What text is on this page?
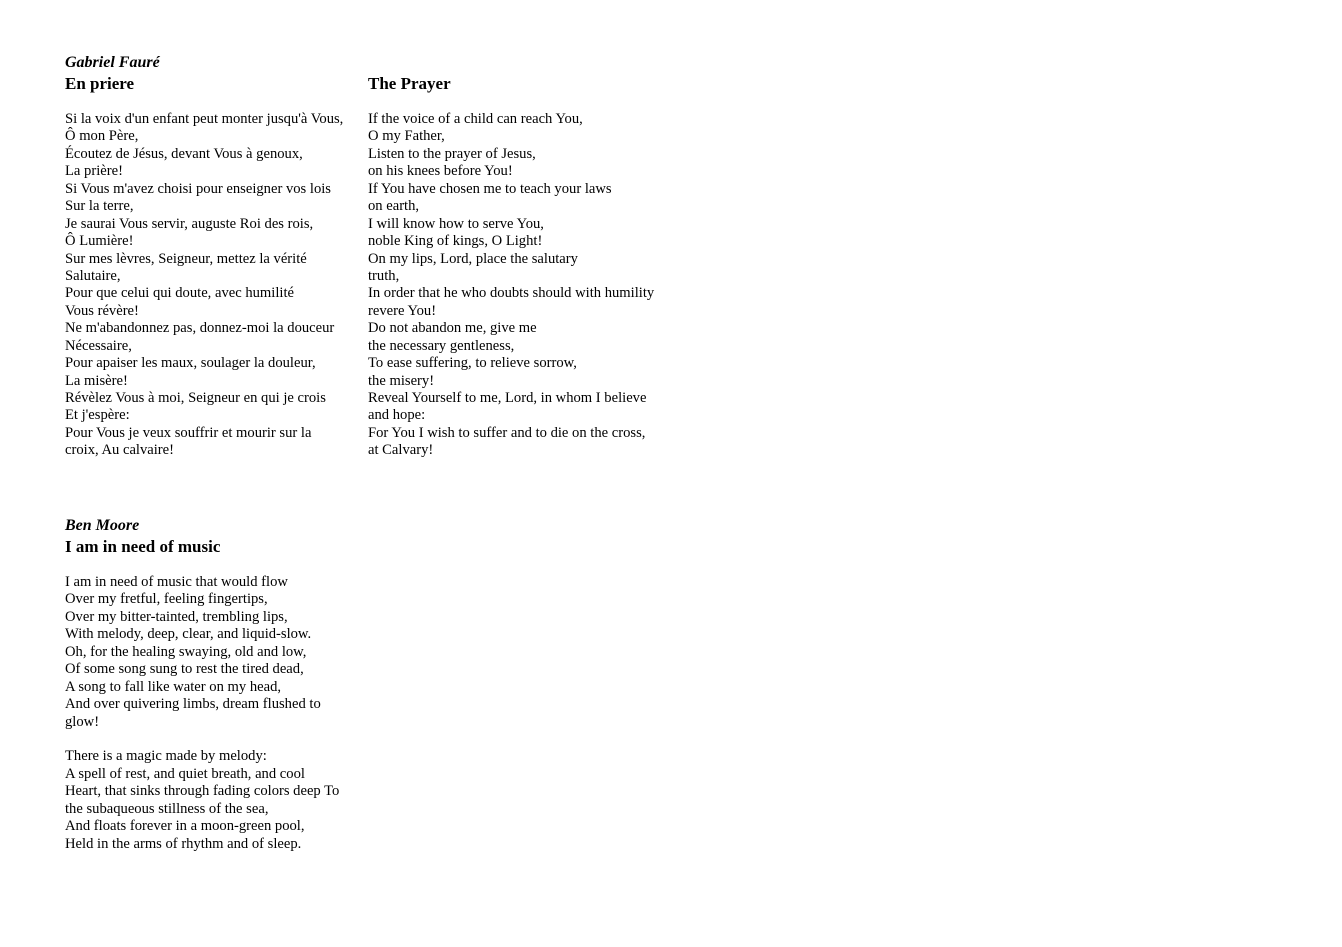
Gabriel Fauré
En priere
Si la voix d'un enfant peut monter jusqu'à Vous,
Ô mon Père,
Écoutez de Jésus, devant Vous à genoux,
La prière!
Si Vous m'avez choisi pour enseigner vos lois
Sur la terre,
Je saurai Vous servir, auguste Roi des rois,
Ô Lumière!
Sur mes lèvres, Seigneur, mettez la vérité
Salutaire,
Pour que celui qui doute, avec humilité
Vous révère!
Ne m'abandonnez pas, donnez-moi la douceur
Nécessaire,
Pour apaiser les maux, soulager la douleur,
La misère!
Révèlez Vous à moi, Seigneur en qui je crois
Et j'espère:
Pour Vous je veux souffrir et mourir sur la
croix, Au calvaire!
The Prayer
If the voice of a child can reach You,
O my Father,
Listen to the prayer of Jesus,
on his knees before You!
If You have chosen me to teach your laws
on earth,
I will know how to serve You,
noble King of kings, O Light!
On my lips, Lord, place the salutary
truth,
In order that he who doubts should with humility
revere You!
Do not abandon me, give me
the necessary gentleness,
To ease suffering, to relieve sorrow,
the misery!
Reveal Yourself to me, Lord, in whom I believe
and hope:
For You I wish to suffer and to die on the cross,
at Calvary!
Ben Moore
I am in need of music
I am in need of music that would flow
Over my fretful, feeling fingertips,
Over my bitter-tainted, trembling lips,
With melody, deep, clear, and liquid-slow.
Oh, for the healing swaying, old and low,
Of some song sung to rest the tired dead,
A song to fall like water on my head,
And over quivering limbs, dream flushed to
glow!
There is a magic made by melody:
A spell of rest, and quiet breath, and cool
Heart, that sinks through fading colors deep To
the subaqueous stillness of the sea,
And floats forever in a moon-green pool,
Held in the arms of rhythm and of sleep.
